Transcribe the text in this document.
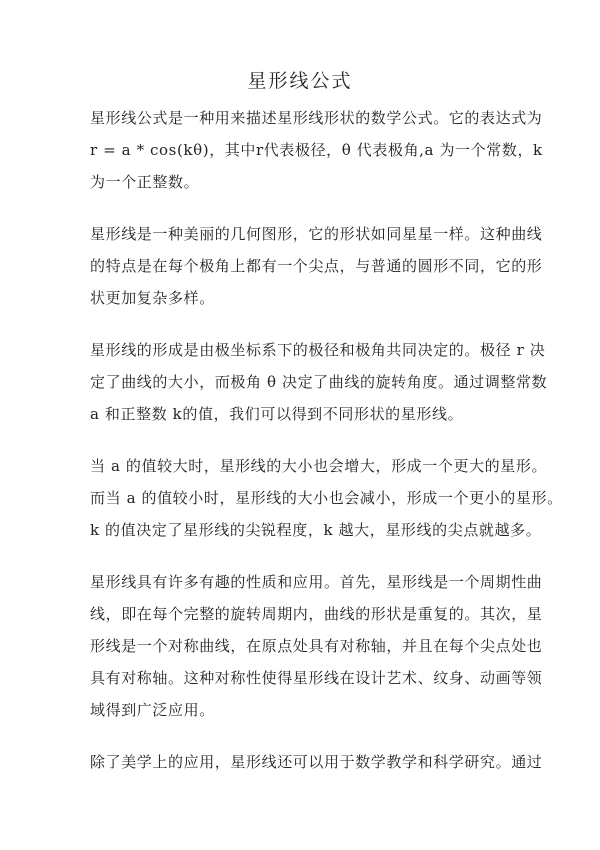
星形线公式

星形线公式是一种用来描述星形线形状的数学公式。它的表达式为
r = a * cos(kθ)，其中r代表极径，θ 代表极角,a 为一个常数，k
为一个正整数。

星形线是一种美丽的几何图形，它的形状如同星星一样。这种曲线
的特点是在每个极角上都有一个尖点，与普通的圆形不同，它的形
状更加复杂多样。

星形线的形成是由极坐标系下的极径和极角共同决定的。极径 r 决
定了曲线的大小，而极角 θ 决定了曲线的旋转角度。通过调整常数
a 和正整数 k的值，我们可以得到不同形状的星形线。

当 a 的值较大时，星形线的大小也会增大，形成一个更大的星形。
而当 a 的值较小时，星形线的大小也会减小，形成一个更小的星形。
k 的值决定了星形线的尖锐程度，k 越大，星形线的尖点就越多。

星形线具有许多有趣的性质和应用。首先，星形线是一个周期性曲
线，即在每个完整的旋转周期内，曲线的形状是重复的。其次，星
形线是一个对称曲线，在原点处具有对称轴，并且在每个尖点处也
具有对称轴。这种对称性使得星形线在设计艺术、纹身、动画等领
域得到广泛应用。

除了美学上的应用，星形线还可以用于数学教学和科学研究。通过
